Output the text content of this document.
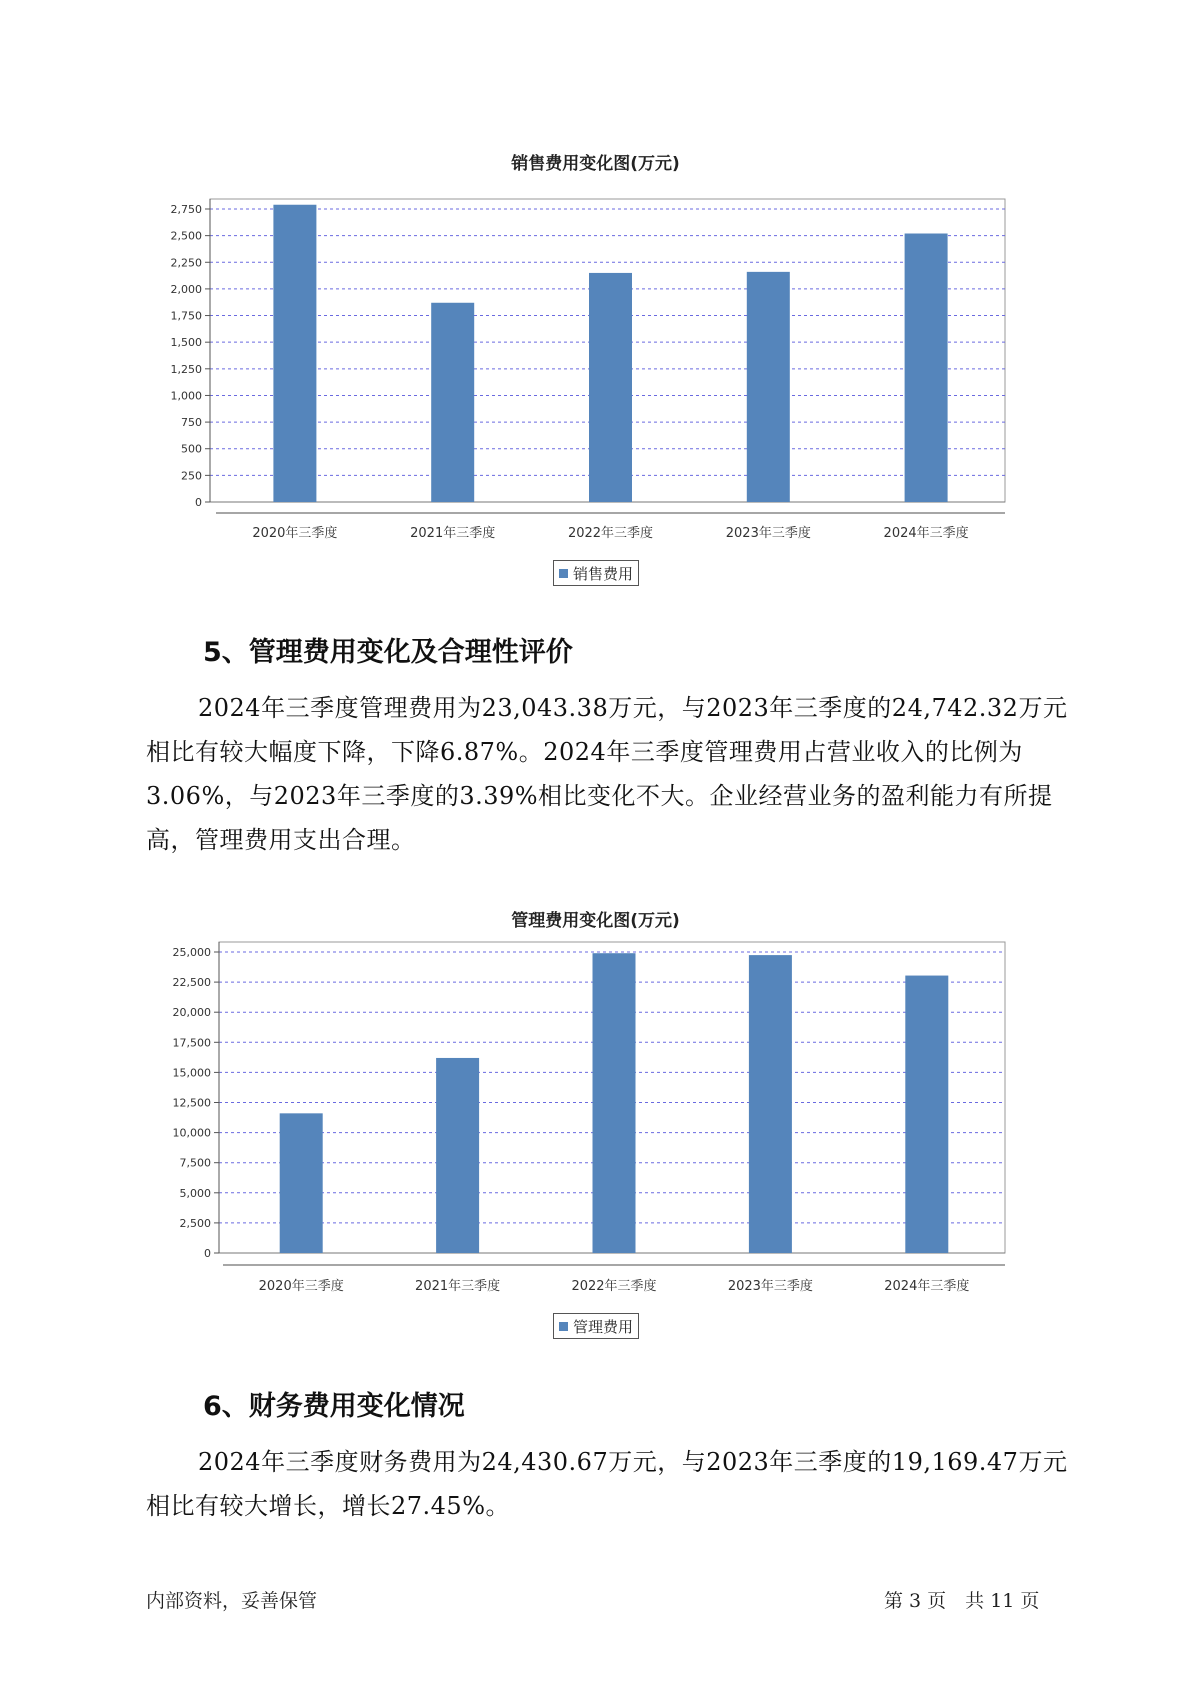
销售费用变化图(万元)
0
250
500
750
1,000
1,250
1,500
1,750
2,000
2,250
2,500
2,750
2020年三季度	2021年三季度	2022年三季度	2023年三季度	2024年三季度
销售费用
5、管理费用变化及合理性评价

2024年三季度管理费用为23,043.38万元，与2023年三季度的24,742.32万元相比有较大幅度下降，下降6.87%。2024年三季度管理费用占营业收入的比例为3.06%，与2023年三季度的3.39%相比变化不大。企业经营业务的盈利能力有所提高，管理费用支出合理。

管理费用变化图(万元)
0
2,500
5,000
7,500
10,000
12,500
15,000
17,500
20,000
22,500
25,000
2020年三季度	2021年三季度	2022年三季度	2023年三季度	2024年三季度
管理费用
6、财务费用变化情况

2024年三季度财务费用为24,430.67万元，与2023年三季度的19,169.47万元相比有较大增长，增长27.45%。

内部资料，妥善保管	第 3 页　共 11 页
